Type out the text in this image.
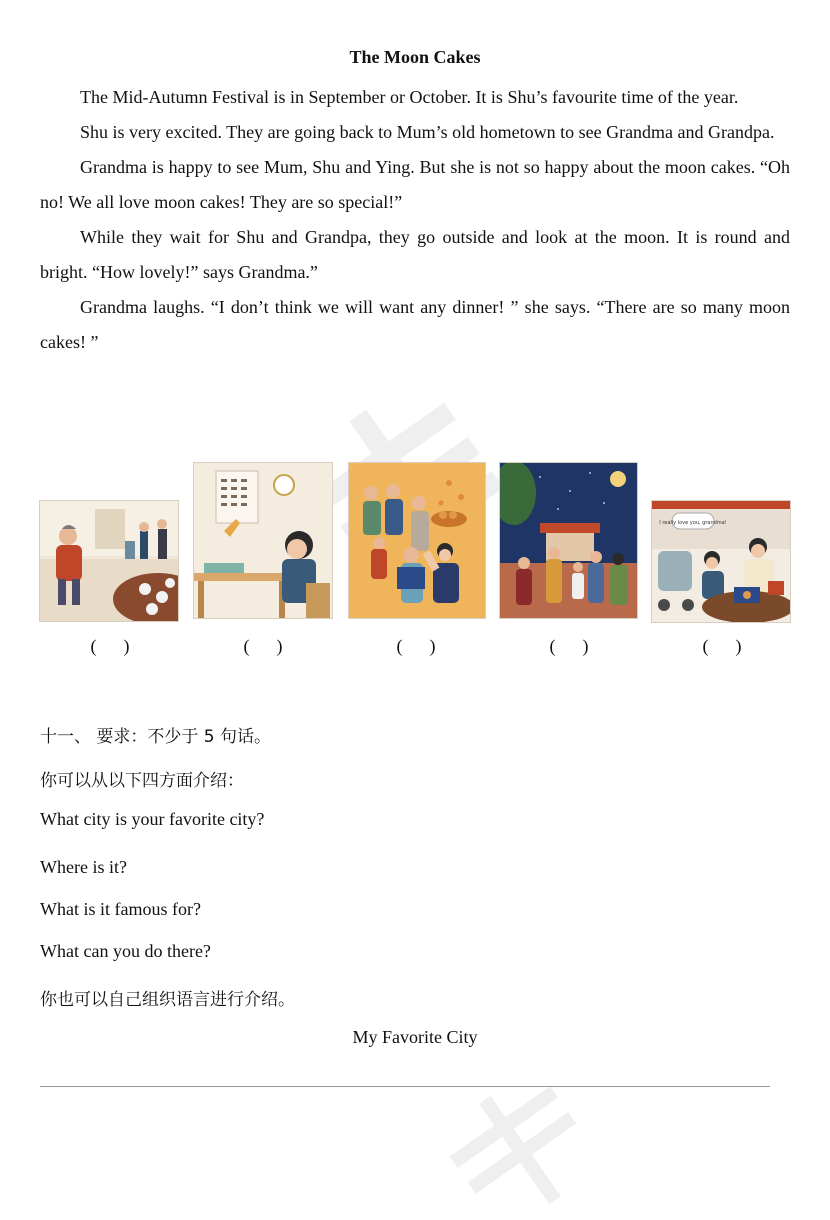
The Moon Cakes

The Mid-Autumn Festival is in September or October. It is Shu’s favourite time of the year.

Shu is very excited. They are going back to Mum’s old hometown to see Grandma and Grandpa.

Grandma is happy to see Mum, Shu and Ying. But she is not so happy about the moon cakes. “Oh no! We all love moon cakes! They are so special!”

While they wait for Shu and Grandpa, they go outside and look at the moon. It is round and bright. “How lovely!” says Grandma.”

Grandma laughs. “I don’t think we will want any dinner! ” she says. “There are so many moon cakes! ”

I really love you, grandma!
(      )	(      )	(      )	(      )	(      )
十一、 要求：不少于 5 句话。
你可以从以下四方面介绍：
What city is your favorite city?
Where is it?
What is it famous for?
What can you do there?
你也可以自己组织语言进行介绍。
My Favorite City
